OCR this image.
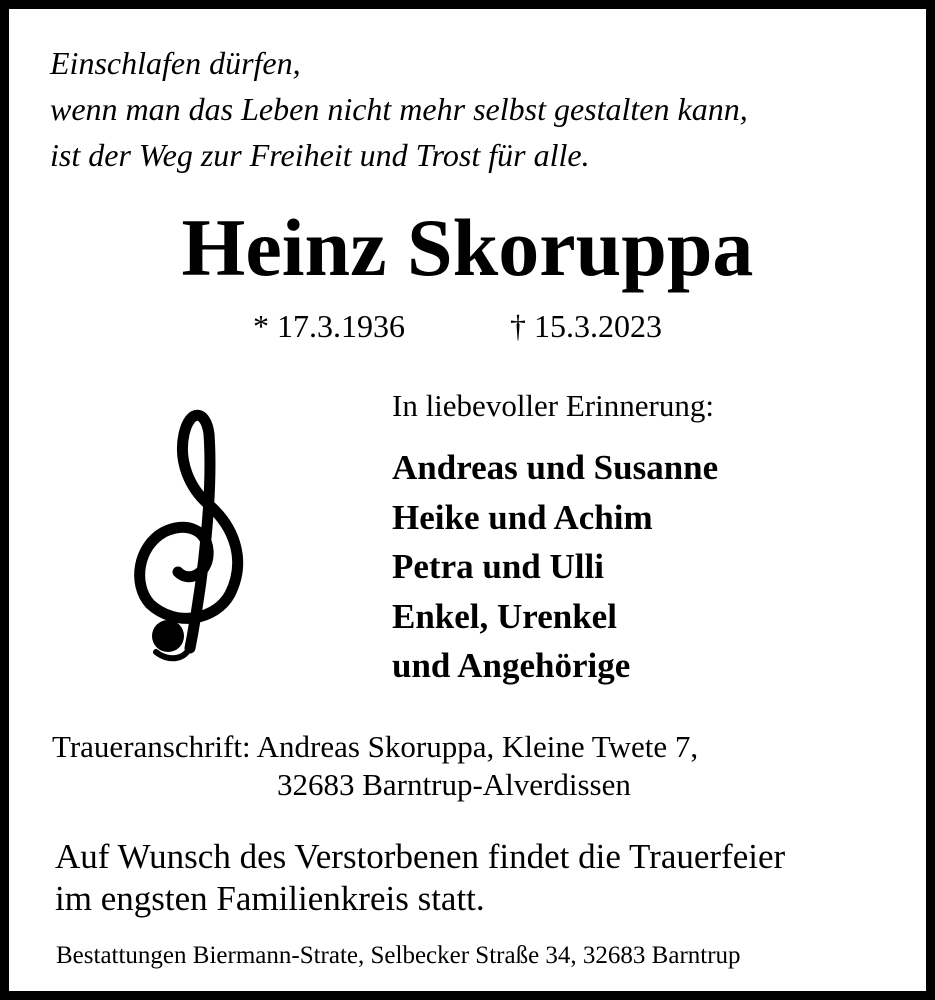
Einschlafen dürfen,
wenn man das Leben nicht mehr selbst gestalten kann,
ist der Weg zur Freiheit und Trost für alle.
Heinz Skoruppa
* 17.3.1936	† 15.3.2023
In liebevoller Erinnerung:
Andreas und Susanne
Heike und Achim
Petra und Ulli
Enkel, Urenkel
und Angehörige
Traueranschrift: Andreas Skoruppa, Kleine Twete 7,
32683 Barntrup-Alverdissen
Auf Wunsch des Verstorbenen findet die Trauerfeier
im engsten Familienkreis statt.
Bestattungen Biermann-Strate, Selbecker Straße 34, 32683 Barntrup
